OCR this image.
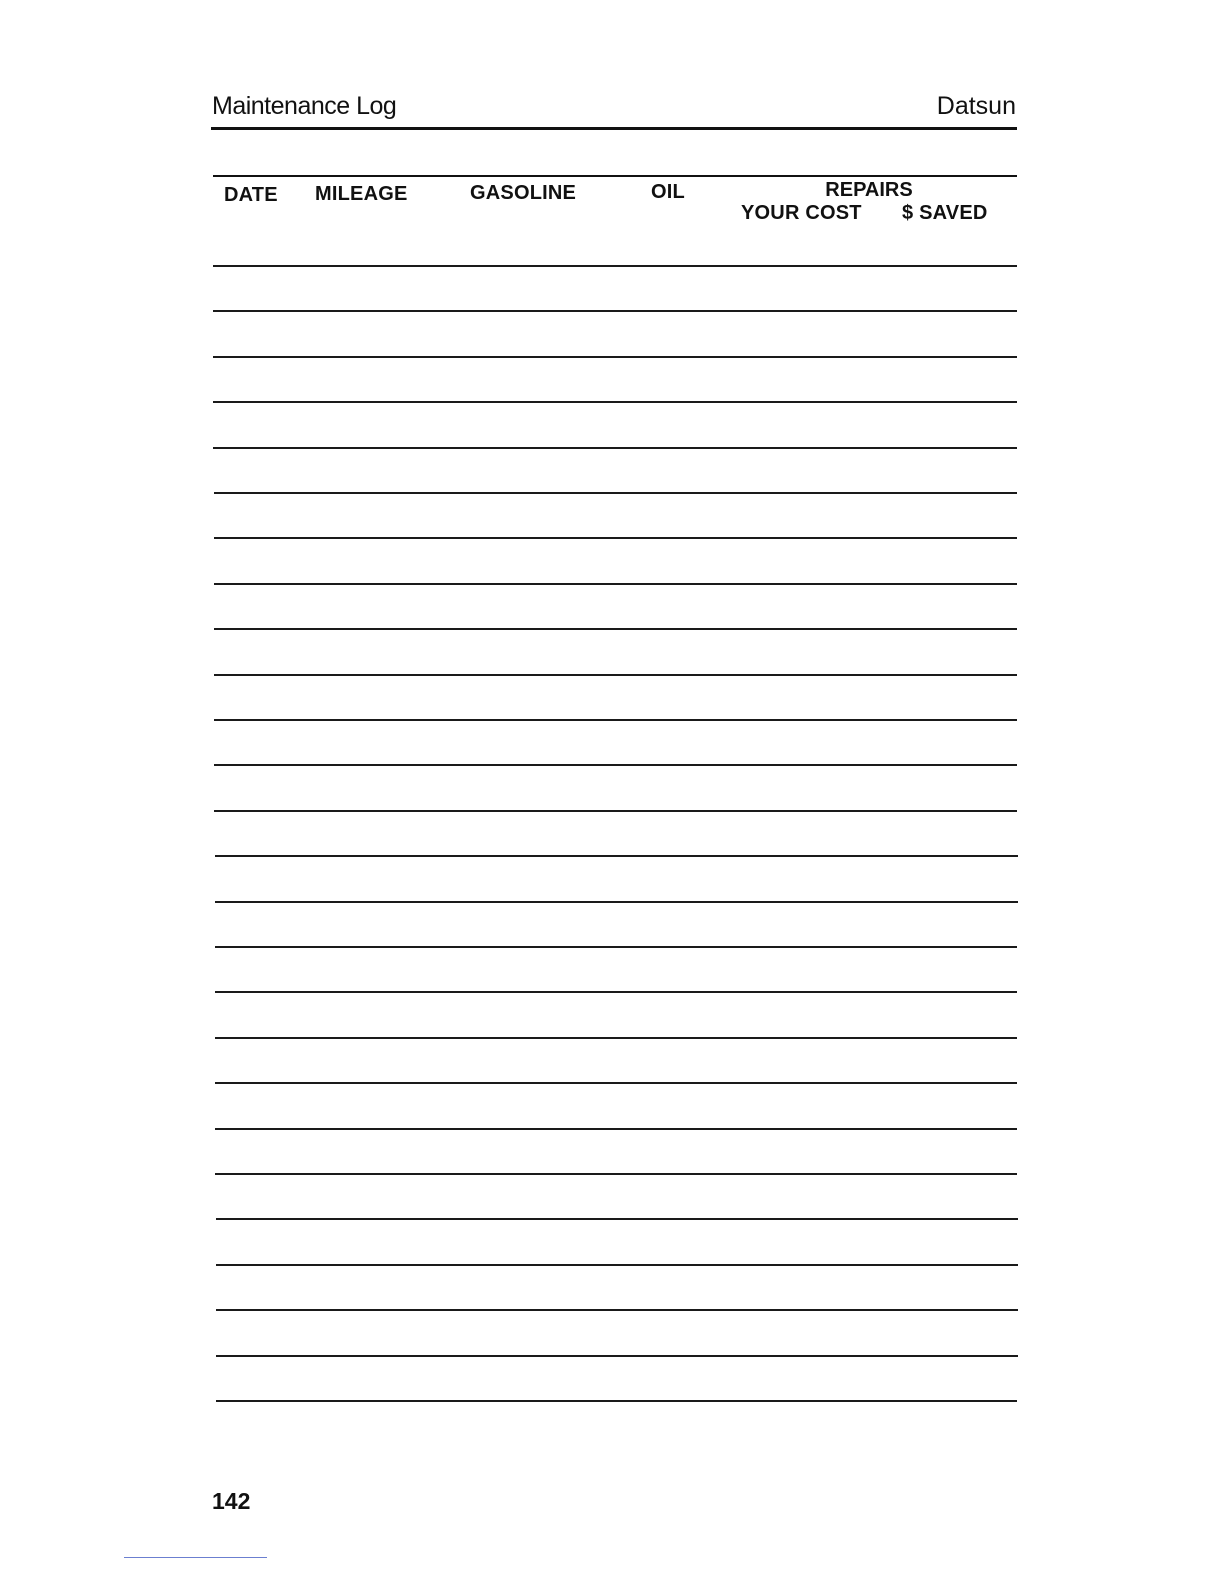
Maintenance Log	Datsun
DATE MILEAGE	GASOLINE	OIL	REPAIRS
YOUR COST $ SAVED
142
